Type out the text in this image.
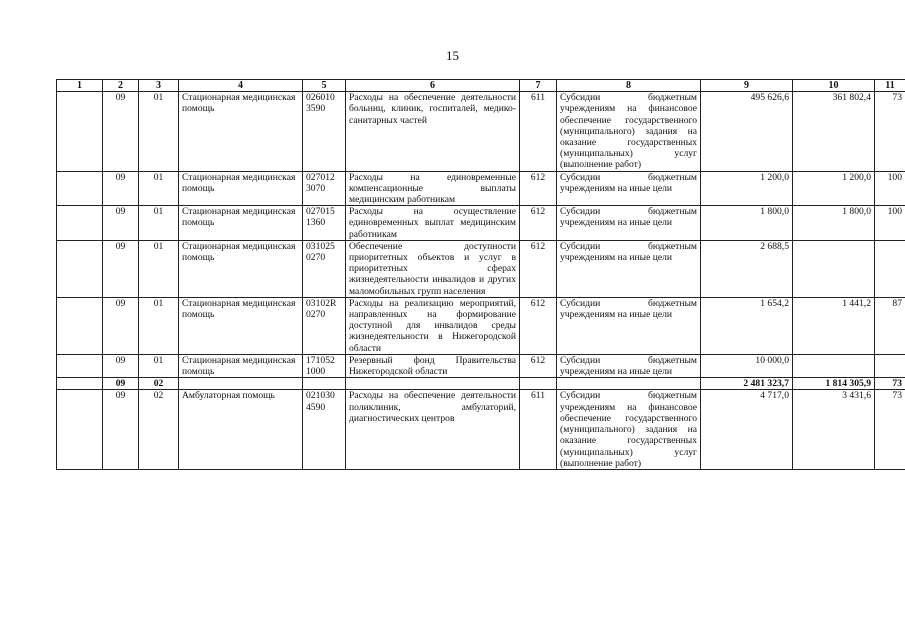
15
1	2	3	4	5	6	7	8	9	10	11
	09	01	Стационарная медицинская помощь	026010 3590	Расходы на обеспечение деятельности больниц, клиник, госпиталей, медико-санитарных частей	611	Субсидии бюджетным учреждениям на финансовое обеспечение государственного (муниципального) задания на оказание государственных (муниципальных) услуг (выполнение работ)	495 626,6	361 802,4	73
	09	01	Стационарная медицинская помощь	027012 3070	Расходы на единовременные компенсационные выплаты медицинским работникам	612	Субсидии бюджетным учреждениям на иные цели	1 200,0	1 200,0	100
	09	01	Стационарная медицинская помощь	027015 1360	Расходы на осуществление единовременных выплат медицинским работникам	612	Субсидии бюджетным учреждениям на иные цели	1 800,0	1 800,0	100
	09	01	Стационарная медицинская помощь	031025 0270	Обеспечение доступности приоритетных объектов и услуг в приоритетных сферах жизнедеятельности инвалидов и других маломобильных групп населения	612	Субсидии бюджетным учреждениям на иные цели	2 688,5		
	09	01	Стационарная медицинская помощь	03102R 0270	Расходы на реализацию мероприятий, направленных на формирование доступной для инвалидов среды жизнедеятельности в Нижегородской области	612	Субсидии бюджетным учреждениям на иные цели	1 654,2	1 441,2	87
	09	01	Стационарная медицинская помощь	171052 1000	Резервный фонд Правительства Нижегородской области	612	Субсидии бюджетным учреждениям на иные цели	10 000,0		
	09	02						2 481 323,7	1 814 305,9	73
	09	02	Амбулаторная помощь	021030 4590	Расходы на обеспечение деятельности поликлиник, амбулаторий, диагностических центров	611	Субсидии бюджетным учреждениям на финансовое обеспечение государственного (муниципального) задания на оказание государственных (муниципальных) услуг (выполнение работ)	4 717,0	3 431,6	73
